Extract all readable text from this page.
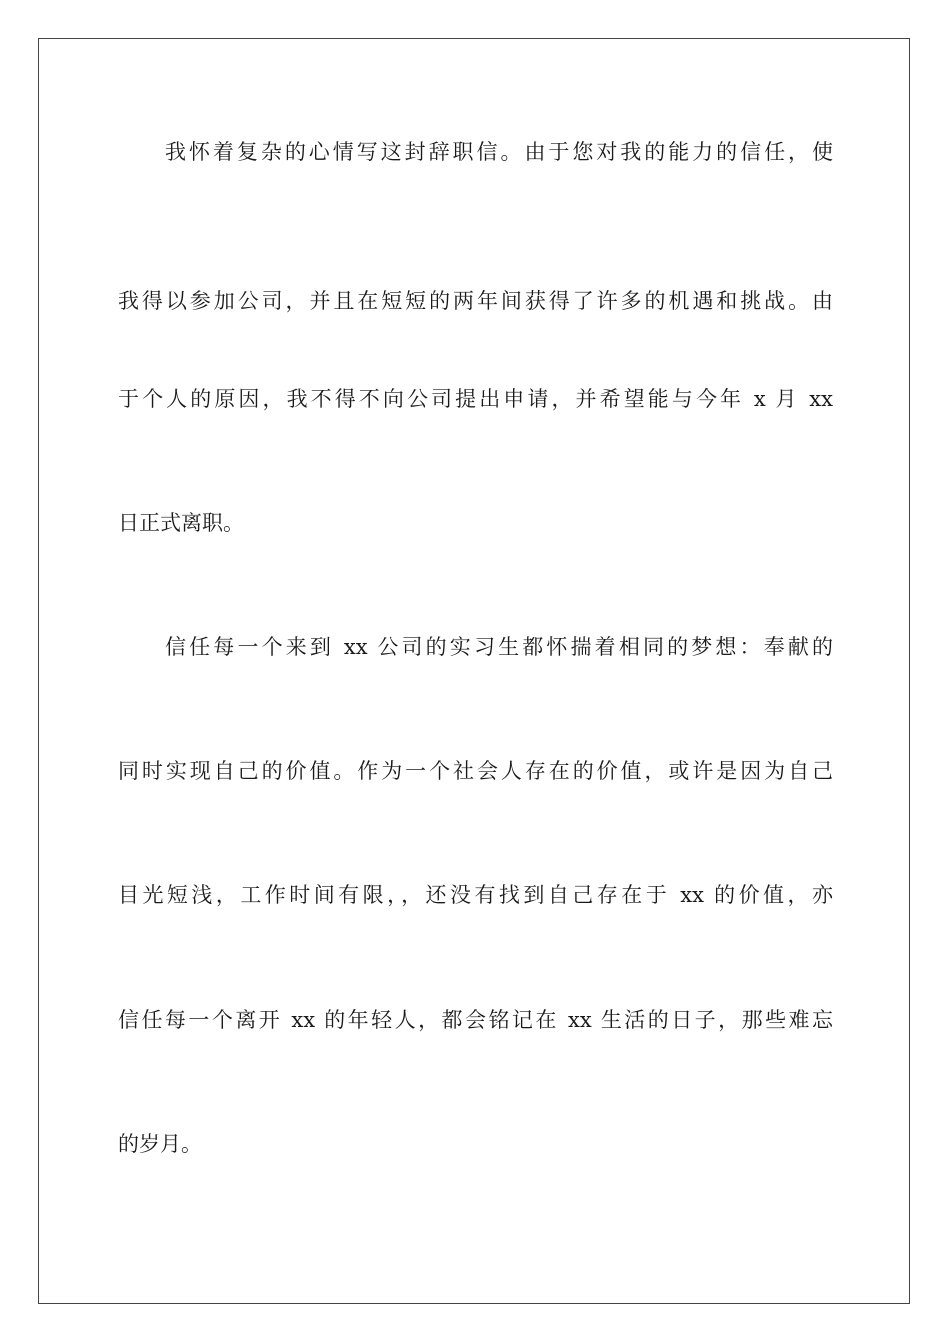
我怀着复杂的心情写这封辞职信。由于您对我的能力的信任，使
我得以参加公司，并且在短短的两年间获得了许多的机遇和挑战。由
于个人的原因，我不得不向公司提出申请，并希望能与今年 x 月 xx
日正式离职。
信任每一个来到 xx 公司的实习生都怀揣着相同的梦想：奉献的
同时实现自己的价值。作为一个社会人存在的价值，或许是因为自己
目光短浅，工作时间有限，，还没有找到自己存在于 xx 的价值，亦
信任每一个离开 xx 的年轻人，都会铭记在 xx 生活的日子，那些难忘
的岁月。
